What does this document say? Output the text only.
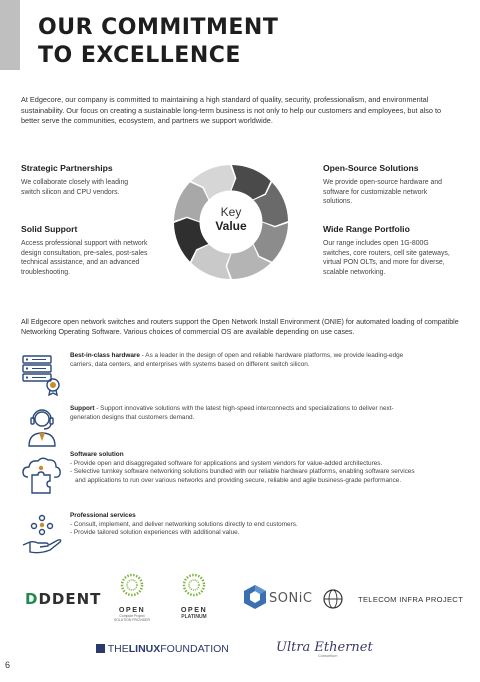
OUR COMMITMENT
TO EXCELLENCE

At Edgecore, our company is committed to maintaining a high standard of quality, security, professionalism, and environmental sustainability. Our focus on creating a sustainable long-term business is not only to help our customers and employees, but also to better serve the communities, ecosystem, and partners we support worldwide.

Strategic Partnerships

We collaborate closely with leading switch silicon and CPU vendors.

Solid Support

Access professional support with network design consultation, pre-sales, post-sales technical assistance, and an advanced troubleshooting.

Open-Source Solutions

We provide open-source hardware and software for customizable network solutions.

Wide Range Portfolio

Our range includes open 1G-800G switches, core routers, cell site gateways, virtual PON OLTs, and more for diverse, scalable networking.

Key
Value

All Edgecore open network switches and routers support the Open Network Install Environment (ONIE) for automated loading of compatible Networking Operating Software. Various choices of commercial OS are available depending on use cases.

Best-in-class hardware - As a leader in the design of open and reliable hardware platforms, we provide leading-edge carriers, data centers, and enterprises with systems based on different switch silicon.
Support - Support innovative solutions with the latest high-speed interconnects and specializations to deliver next-generation designs that customers demand.
Software solution
- Provide open and disaggregated software for applications and system vendors for value-added architectures.
- Selective turnkey software networking solutions bundled with our reliable hardware platforms, enabling software services and applications to run over various networks and providing secure, reliable and agile business-grade performance.
Professional services
- Consult, implement, and deliver networking solutions directly to end customers.
- Provide tailored solution experiences with additional value.
DDDENT
OPEN
Compute Project
SOLUTION PROVIDER
OPEN
PLATINUM
SONiC	TELECOM INFRA PROJECT
THELINUXFOUNDATION	Ultra Ethernet
Consortium
6
